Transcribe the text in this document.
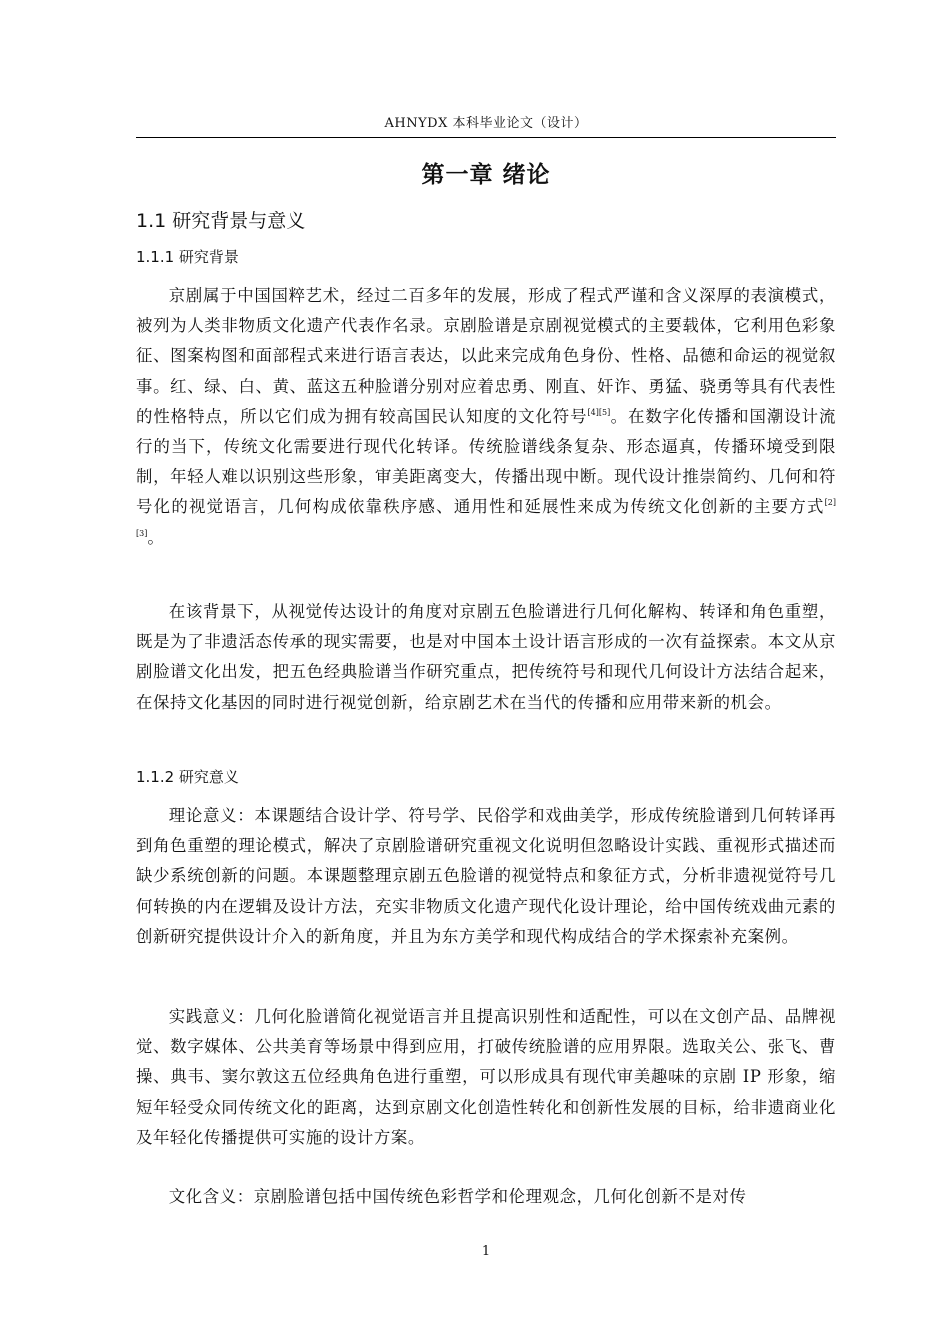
AHNYDX 本科毕业论文（设计）
第一章 绪论
1.1 研究背景与意义
1.1.1 研究背景

京剧属于中国国粹艺术，经过二百多年的发展，形成了程式严谨和含义深厚的表演模式，被列为人类非物质文化遗产代表作名录。京剧脸谱是京剧视觉模式的主要载体，它利用色彩象征、图案构图和面部程式来进行语言表达，以此来完成角色身份、性格、品德和命运的视觉叙事。红、绿、白、黄、蓝这五种脸谱分别对应着忠勇、刚直、奸诈、勇猛、骁勇等具有代表性的性格特点，所以它们成为拥有较高国民认知度的文化符号[4][5]。在数字化传播和国潮设计流行的当下，传统文化需要进行现代化转译。传统脸谱线条复杂、形态逼真，传播环境受到限制，年轻人难以识别这些形象，审美距离变大，传播出现中断。现代设计推崇简约、几何和符号化的视觉语言，几何构成依靠秩序感、通用性和延展性来成为传统文化创新的主要方式[2][3]。

在该背景下，从视觉传达设计的角度对京剧五色脸谱进行几何化解构、转译和角色重塑，既是为了非遗活态传承的现实需要，也是对中国本土设计语言形成的一次有益探索。本文从京剧脸谱文化出发，把五色经典脸谱当作研究重点，把传统符号和现代几何设计方法结合起来，在保持文化基因的同时进行视觉创新，给京剧艺术在当代的传播和应用带来新的机会。

1.1.2 研究意义

理论意义：本课题结合设计学、符号学、民俗学和戏曲美学，形成传统脸谱到几何转译再到角色重塑的理论模式，解决了京剧脸谱研究重视文化说明但忽略设计实践、重视形式描述而缺少系统创新的问题。本课题整理京剧五色脸谱的视觉特点和象征方式，分析非遗视觉符号几何转换的内在逻辑及设计方法，充实非物质文化遗产现代化设计理论，给中国传统戏曲元素的创新研究提供设计介入的新角度，并且为东方美学和现代构成结合的学术探索补充案例。

实践意义：几何化脸谱简化视觉语言并且提高识别性和适配性，可以在文创产品、品牌视觉、数字媒体、公共美育等场景中得到应用，打破传统脸谱的应用界限。选取关公、张飞、曹操、典韦、窦尔敦这五位经典角色进行重塑，可以形成具有现代审美趣味的京剧 IP 形象，缩短年轻受众同传统文化的距离，达到京剧文化创造性转化和创新性发展的目标，给非遗商业化及年轻化传播提供可实施的设计方案。

文化含义：京剧脸谱包括中国传统色彩哲学和伦理观念，几何化创新不是对传

1
